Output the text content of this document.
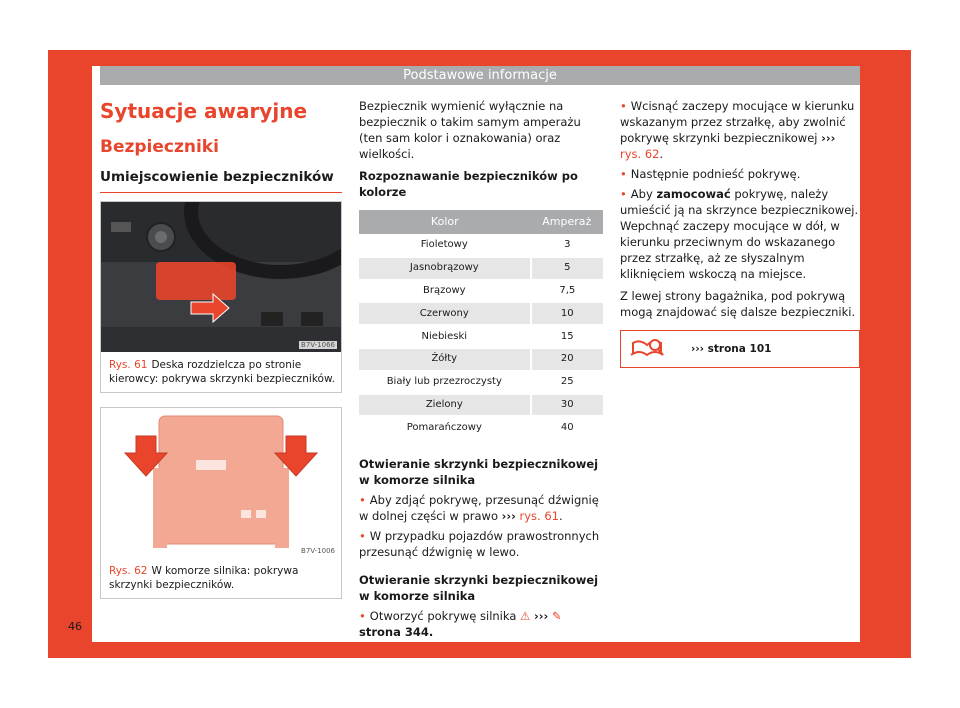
Podstawowe informacje
Sytuacje awaryjne
Bezpieczniki
Umiejscowienie bezpieczników
B7V-1066
Rys. 61 Deska rozdzielcza po stronie kierowcy: pokrywa skrzynki bezpieczników.
B7V-1006
Rys. 62 W komorze silnika: pokrywa skrzynki bezpieczników.

Bezpiecznik wymienić wyłącznie na bezpiecznik o takim samym amperażu (ten sam kolor i oznakowania) oraz wielkości.

Rozpoznawanie bezpieczników po kolorze
Kolor	Amperaż
Fioletowy	3
Jasnobrązowy	5
Brązowy	7,5
Czerwony	10
Niebieski	15
Żółty	20
Biały lub przezroczysty	25
Zielony	30
Pomarańczowy	40
Otwieranie skrzynki bezpiecznikowej w komorze silnika
• Aby zdjąć pokrywę, przesunąć dźwignię w dolnej części w prawo ››› rys. 61.
• W przypadku pojazdów prawostronnych przesunąć dźwignię w lewo.
Otwieranie skrzynki bezpiecznikowej w komorze silnika
• Otworzyć pokrywę silnika ⚠ ››› ✎ strona 344.
• Wcisnąć zaczepy mocujące w kierunku wskazanym przez strzałkę, aby zwolnić pokrywę skrzynki bezpiecznikowej ››› rys. 62.
• Następnie podnieść pokrywę.
• Aby zamocować pokrywę, należy umieścić ją na skrzynce bezpiecznikowej. Wepchnąć zaczepy mocujące w dół, w kierunku przeciwnym do wskazanego przez strzałkę, aż ze słyszalnym kliknięciem wskoczą na miejsce.

Z lewej strony bagażnika, pod pokrywą mogą znajdować się dalsze bezpieczniki.

››› strona 101
46
